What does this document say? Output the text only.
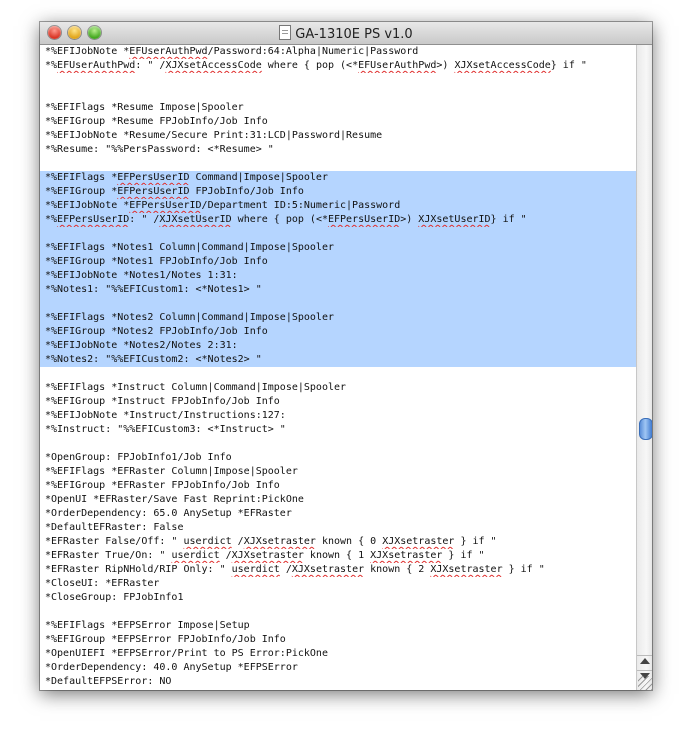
GA-1310E PS v1.0
*%EFIJobNote *EFUserAuthPwd/Password:64:Alpha|Numeric|Password
*%EFUserAuthPwd: " /XJXsetAccessCode where { pop (<*EFUserAuthPwd>) XJXsetAccessCode} if "

*%EFIFlags *Resume Impose|Spooler
*%EFIGroup *Resume FPJobInfo/Job Info
*%EFIJobNote *Resume/Secure Print:31:LCD|Password|Resume
*%Resume: "%%PersPassword: <*Resume> "

*%EFIFlags *EFPersUserID Command|Impose|Spooler
*%EFIGroup *EFPersUserID FPJobInfo/Job Info
*%EFIJobNote *EFPersUserID/Department ID:5:Numeric|Password
*%EFPersUserID: " /XJXsetUserID where { pop (<*EFPersUserID>) XJXsetUserID} if "

*%EFIFlags *Notes1 Column|Command|Impose|Spooler
*%EFIGroup *Notes1 FPJobInfo/Job Info
*%EFIJobNote *Notes1/Notes 1:31:
*%Notes1: "%%EFICustom1: <*Notes1> "

*%EFIFlags *Notes2 Column|Command|Impose|Spooler
*%EFIGroup *Notes2 FPJobInfo/Job Info
*%EFIJobNote *Notes2/Notes 2:31:
*%Notes2: "%%EFICustom2: <*Notes2> "

*%EFIFlags *Instruct Column|Command|Impose|Spooler
*%EFIGroup *Instruct FPJobInfo/Job Info
*%EFIJobNote *Instruct/Instructions:127:
*%Instruct: "%%EFICustom3: <*Instruct> "

*OpenGroup: FPJobInfo1/Job Info
*%EFIFlags *EFRaster Column|Impose|Spooler
*%EFIGroup *EFRaster FPJobInfo/Job Info
*OpenUI *EFRaster/Save Fast Reprint:PickOne
*OrderDependency: 65.0 AnySetup *EFRaster
*DefaultEFRaster: False
*EFRaster False/Off: " userdict /XJXsetraster known { 0 XJXsetraster } if "
*EFRaster True/On: " userdict /XJXsetraster known { 1 XJXsetraster } if "
*EFRaster RipNHold/RIP Only: " userdict /XJXsetraster known { 2 XJXsetraster } if "
*CloseUI: *EFRaster
*CloseGroup: FPJobInfo1

*%EFIFlags *EFPSError Impose|Setup
*%EFIGroup *EFPSError FPJobInfo/Job Info
*OpenUIEFI *EFPSError/Print to PS Error:PickOne
*OrderDependency: 40.0 AnySetup *EFPSError
*DefaultEFPSError: NO
